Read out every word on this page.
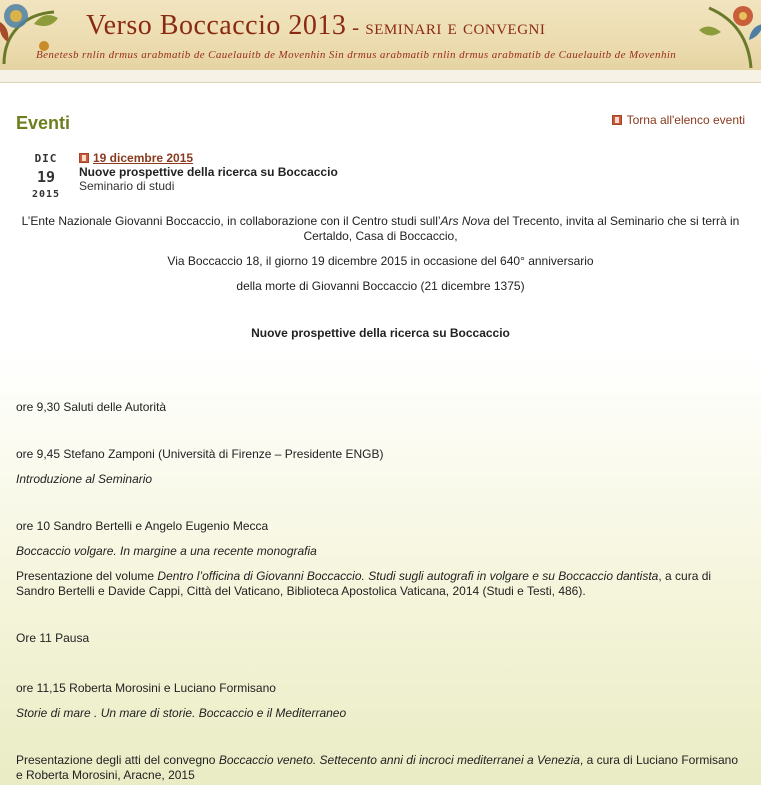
Verso Boccaccio 2013 - seminari e convegni
Benetesb rnlin drmus arabmatib de Cauelauitb de Movenhin Sin drmus arabmatib rnlin drmus arabmatib de Cauelauitb de Movenhin
Eventi	Torna all'elenco eventi
DIC
19
2015
19 dicembre 2015
Nuove prospettive della ricerca su Boccaccio
Seminario di studi

L’Ente Nazionale Giovanni Boccaccio, in collaborazione con il Centro studi sull’Ars Nova del Trecento, invita al Seminario che si terrà in Certaldo, Casa di Boccaccio,

Via Boccaccio 18, il giorno 19 dicembre 2015 in occasione del 640° anniversario

della morte di Giovanni Boccaccio (21 dicembre 1375)

Nuove prospettive della ricerca su Boccaccio

ore 9,30 Saluti delle Autorità

ore 9,45 Stefano Zamponi (Università di Firenze – Presidente ENGB)

Introduzione al Seminario

ore 10 Sandro Bertelli e Angelo Eugenio Mecca

Boccaccio volgare. In margine a una recente monografia

Presentazione del volume Dentro l’officina di Giovanni Boccaccio. Studi sugli autografi in volgare e su Boccaccio dantista, a cura di Sandro Bertelli e Davide Cappi, Città del Vaticano, Biblioteca Apostolica Vaticana, 2014 (Studi e Testi, 486).

Ore 11 Pausa

ore 11,15 Roberta Morosini e Luciano Formisano

Storie di mare . Un mare di storie. Boccaccio e il Mediterraneo

Presentazione degli atti del convegno Boccaccio veneto. Settecento anni di incroci mediterranei a Venezia, a cura di Luciano Formisano e Roberta Morosini, Aracne, 2015
